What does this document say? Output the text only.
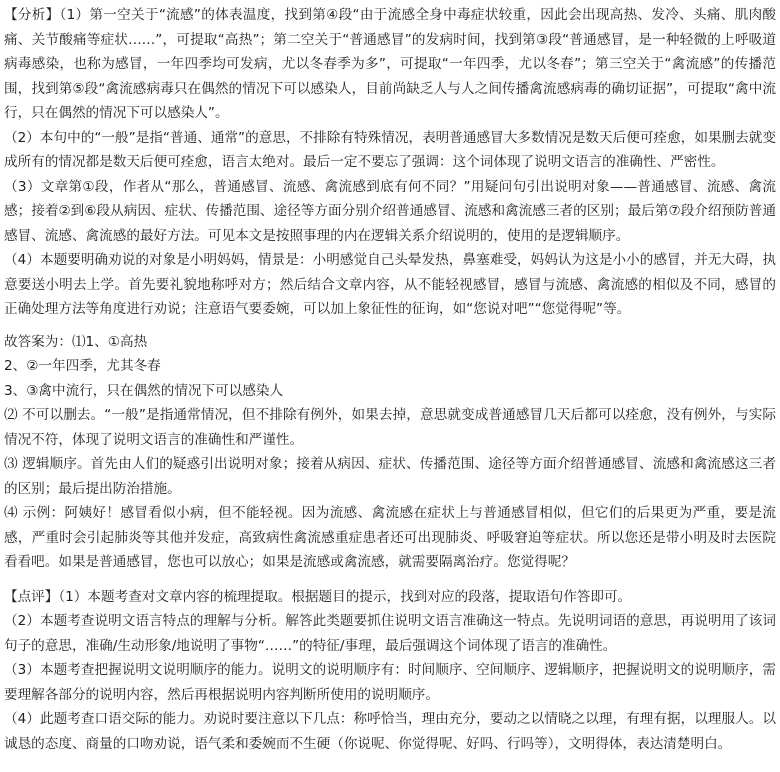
【分析】（1）第一空关于“流感”的体表温度，找到第④段“由于流感全身中毒症状较重，因此会出现高热、发冷、头痛、肌肉酸痛、关节酸痛等症状……”，可提取“高热”；第二空关于“普通感冒”的发病时间，找到第③段“普通感冒，是一种轻微的上呼吸道病毒感染，也称为感冒，一年四季均可发病，尤以冬春季为多”，可提取“一年四季，尤以冬春”；第三空关于“禽流感”的传播范围，找到第⑤段“禽流感病毒只在偶然的情况下可以感染人，目前尚缺乏人与人之间传播禽流感病毒的确切证据”，可提取“禽中流行，只在偶然的情况下可以感染人”。

（2）本句中的“一般”是指“普通、通常”的意思，不排除有特殊情况，表明普通感冒大多数情况是数天后便可痊愈，如果删去就变成所有的情况都是数天后便可痊愈，语言太绝对。最后一定不要忘了强调：这个词体现了说明文语言的准确性、严密性。

（3）文章第①段，作者从“那么，普通感冒、流感、禽流感到底有何不同？”用疑问句引出说明对象——普通感冒、流感、禽流感；接着②到⑥段从病因、症状、传播范围、途径等方面分别介绍普通感冒、流感和禽流感三者的区别；最后第⑦段介绍预防普通感冒、流感、禽流感的最好方法。可见本文是按照事理的内在逻辑关系介绍说明的，使用的是逻辑顺序。

（4）本题要明确劝说的对象是小明妈妈，情景是：小明感觉自己头晕发热，鼻塞难受，妈妈认为这是小小的感冒，并无大碍，执意要送小明去上学。首先要礼貌地称呼对方；然后结合文章内容，从不能轻视感冒，感冒与流感、禽流感的相似及不同，感冒的正确处理方法等角度进行劝说；注意语气要委婉，可以加上象征性的征询，如“您说对吧”“您觉得呢”等。

故答案为：⑴1、①高热

2、②一年四季，尤其冬春

3、③禽中流行，只在偶然的情况下可以感染人

⑵ 不可以删去。“一般”是指通常情况，但不排除有例外，如果去掉，意思就变成普通感冒几天后都可以痊愈，没有例外，与实际情况不符，体现了说明文语言的准确性和严谨性。

⑶ 逻辑顺序。首先由人们的疑惑引出说明对象；接着从病因、症状、传播范围、途径等方面介绍普通感冒、流感和禽流感这三者的区别；最后提出防治措施。

⑷ 示例：阿姨好！感冒看似小病，但不能轻视。因为流感、禽流感在症状上与普通感冒相似，但它们的后果更为严重，要是流感，严重时会引起肺炎等其他并发症，高致病性禽流感重症患者还可出现肺炎、呼吸窘迫等症状。所以您还是带小明及时去医院看看吧。如果是普通感冒，您也可以放心；如果是流感或禽流感，就需要隔离治疗。您觉得呢？

【点评】（1）本题考查对文章内容的梳理提取。根据题目的提示，找到对应的段落，提取语句作答即可。

（2）本题考查说明文语言特点的理解与分析。解答此类题要抓住说明文语言准确这一特点。先说明词语的意思，再说明用了该词句子的意思，准确/生动形象/地说明了事物“……”的特征/事理，最后强调这个词体现了语言的准确性。

（3）本题考查把握说明文说明顺序的能力。说明文的说明顺序有：时间顺序、空间顺序、逻辑顺序，把握说明文的说明顺序，需要理解各部分的说明内容，然后再根据说明内容判断所使用的说明顺序。

（4）此题考查口语交际的能力。劝说时要注意以下几点：称呼恰当，理由充分，要动之以情晓之以理，有理有据，以理服人。以诚恳的态度、商量的口吻劝说，语气柔和委婉而不生硬（你说呢、你觉得呢、好吗、行吗等），文明得体，表达清楚明白。
